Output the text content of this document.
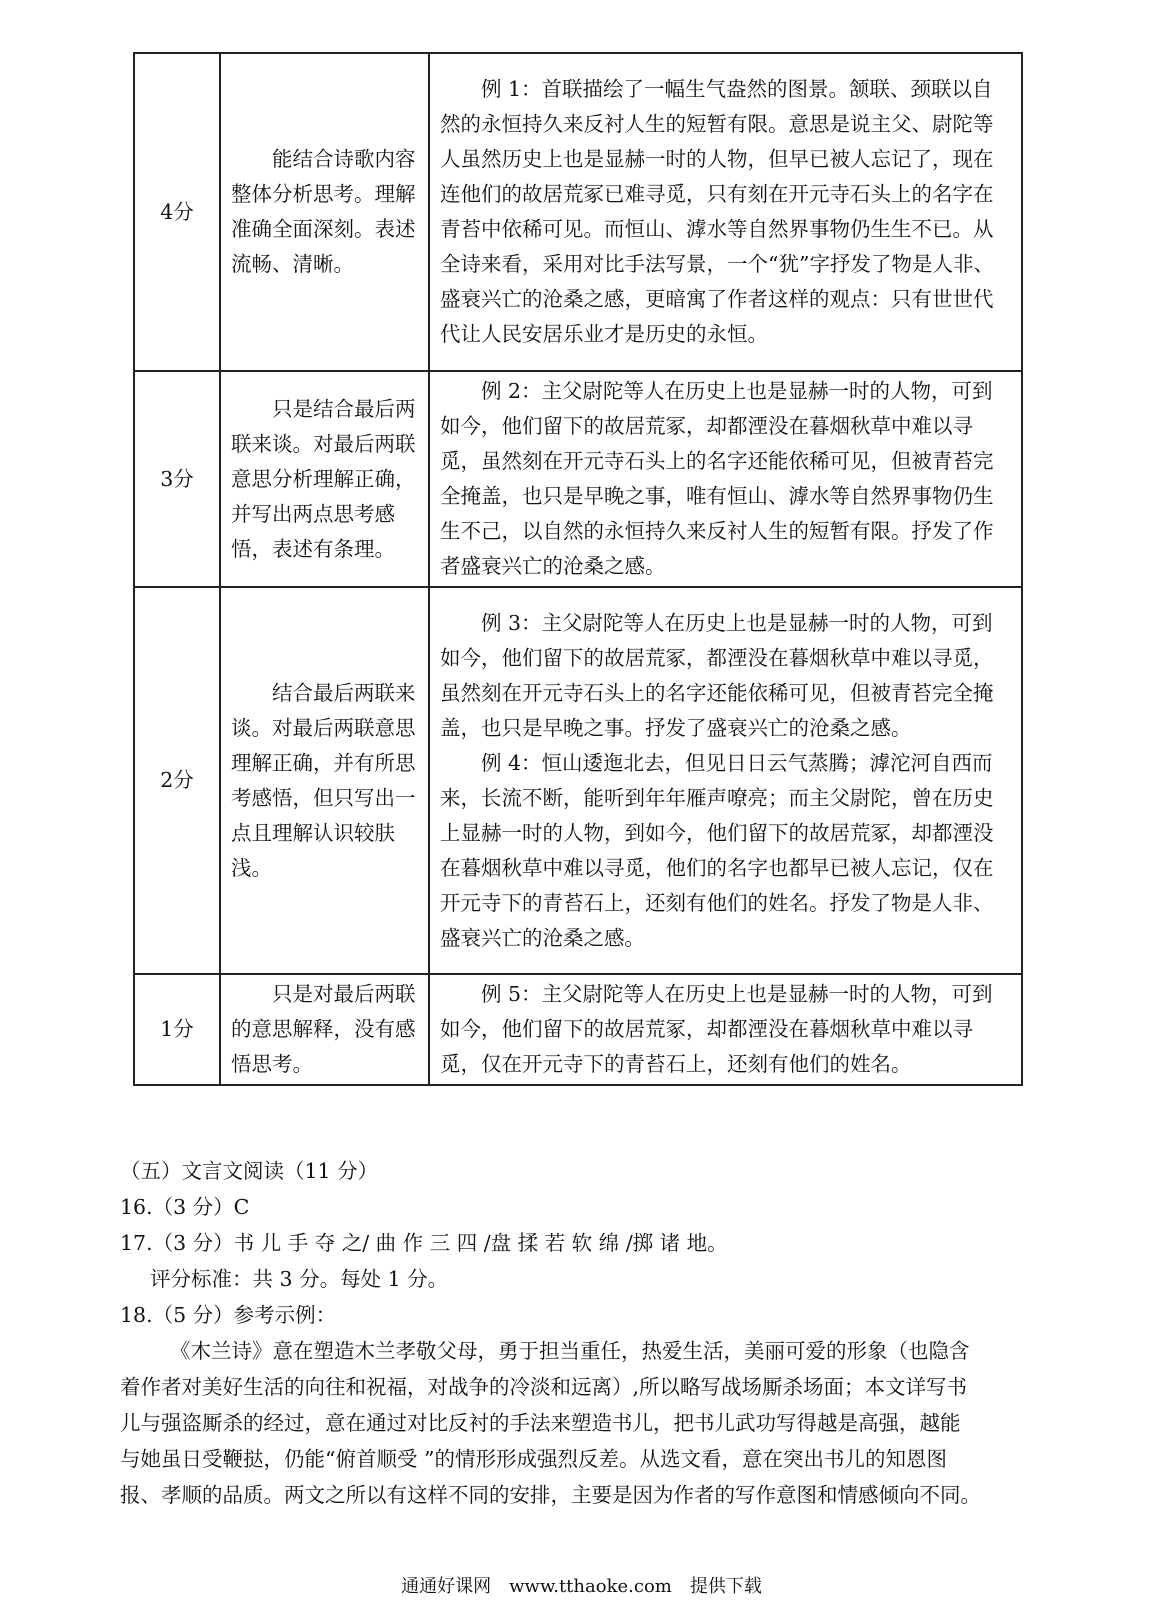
4分	能结合诗歌内容整体分析思考。理解准确全面深刻。表述流畅、清晰。	例 1：首联描绘了一幅生气盎然的图景。颔联、颈联以自然的永恒持久来反衬人生的短暂有限。意思是说主父、尉陀等人虽然历史上也是显赫一时的人物，但早已被人忘记了，现在连他们的故居荒冢已难寻觅，只有刻在开元寺石头上的名字在青苔中依稀可见。而恒山、滹水等自然界事物仍生生不已。从全诗来看，采用对比手法写景，一个“犹”字抒发了物是人非、盛衰兴亡的沧桑之感，更暗寓了作者这样的观点：只有世世代代让人民安居乐业才是历史的永恒。

3分	只是结合最后两联来谈。对最后两联意思分析理解正确，并写出两点思考感悟，表述有条理。	例 2：主父尉陀等人在历史上也是显赫一时的人物，可到如今，他们留下的故居荒冢，却都湮没在暮烟秋草中难以寻觅，虽然刻在开元寺石头上的名字还能依稀可见，但被青苔完全掩盖，也只是早晚之事，唯有恒山、滹水等自然界事物仍生生不己，以自然的永恒持久来反衬人生的短暂有限。抒发了作者盛衰兴亡的沧桑之感。

2分	结合最后两联来谈。对最后两联意思理解正确，并有所思考感悟，但只写出一点且理解认识较肤浅。	例 3：主父尉陀等人在历史上也是显赫一时的人物，可到如今，他们留下的故居荒冢，都湮没在暮烟秋草中难以寻觅，虽然刻在开元寺石头上的名字还能依稀可见，但被青苔完全掩盖，也只是早晚之事。抒发了盛衰兴亡的沧桑之感。
例 4：恒山逶迤北去，但见日日云气蒸腾；滹沱河自西而来，长流不断，能听到年年雁声嘹亮；而主父尉陀，曾在历史上显赫一时的人物，到如今，他们留下的故居荒冢，却都湮没在暮烟秋草中难以寻觅，他们的名字也都早已被人忘记，仅在开元寺下的青苔石上，还刻有他们的姓名。抒发了物是人非、盛衰兴亡的沧桑之感。

1分	只是对最后两联的意思解释，没有感悟思考。	例 5：主父尉陀等人在历史上也是显赫一时的人物，可到如今，他们留下的故居荒冢，却都湮没在暮烟秋草中难以寻觅，仅在开元寺下的青苔石上，还刻有他们的姓名。
（五）文言文阅读（11 分）
16.（3 分）C
17.（3 分）书 儿 手 夺 之/ 曲 作 三 四 /盘 揉 若 软 绵 /掷 诸 地。
评分标准：共 3 分。每处 1 分。
18.（5 分）参考示例：
《木兰诗》意在塑造木兰孝敬父母，勇于担当重任，热爱生活，美丽可爱的形象（也隐含
着作者对美好生活的向往和祝福，对战争的冷淡和远离）,所以略写战场厮杀场面；本文详写书
儿与强盗厮杀的经过，意在通过对比反衬的手法来塑造书儿，把书儿武功写得越是高强，越能
与她虽日受鞭挞，仍能“俯首顺受 ”的情形形成强烈反差。从选文看，意在突出书儿的知恩图
报、孝顺的品质。两文之所以有这样不同的安排，主要是因为作者的写作意图和情感倾向不同。
通通好课网　www.tthaoke.com　提供下载
